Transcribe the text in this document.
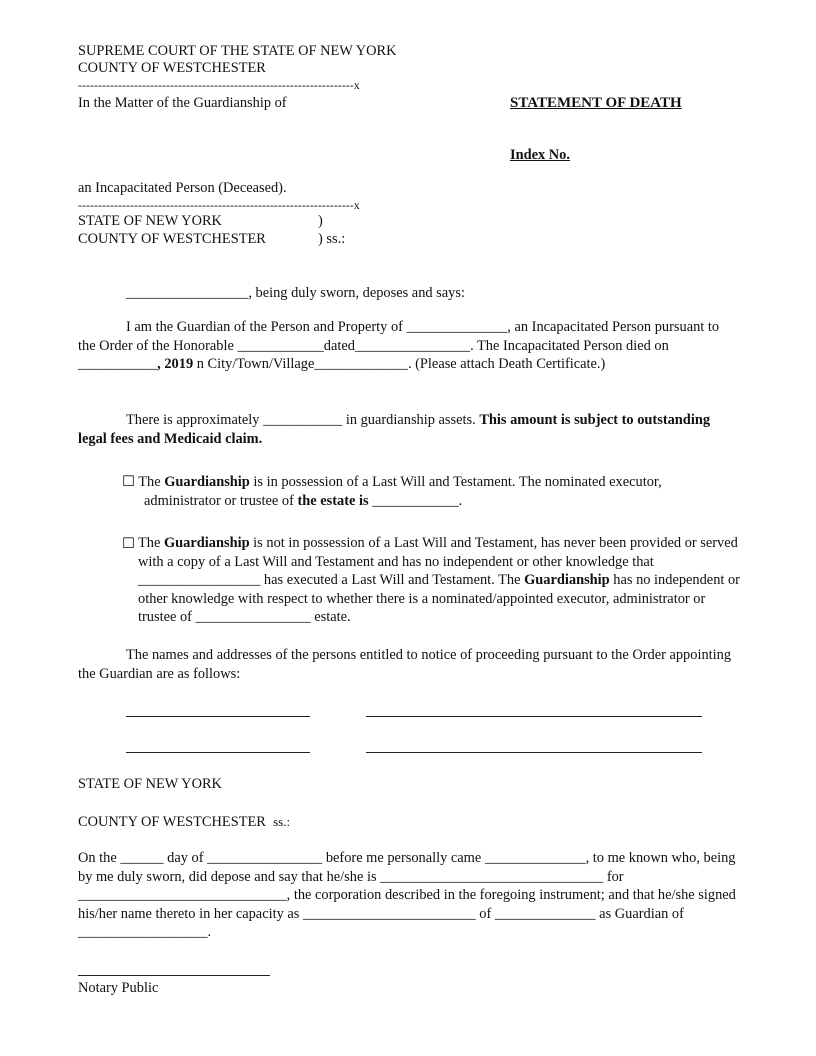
SUPREME COURT OF THE STATE OF NEW YORK
COUNTY OF WESTCHESTER
---------------------------------------------------------------------x
In the Matter of the Guardianship of	STATEMENT OF DEATH
Index No.
an Incapacitated Person (Deceased).
---------------------------------------------------------------------x
STATE OF NEW YORK	)
COUNTY OF WESTCHESTER	) ss.:
_________________, being duly sworn, deposes and says:
I am the Guardian of the Person and Property of ______________, an Incapacitated Person pursuant to the Order of the Honorable ____________dated________________. The Incapacitated Person died on ___________, 2019 n City/Town/Village_____________. (Please attach Death Certificate.)
There is approximately ___________ in guardianship assets. This amount is subject to outstanding legal fees and Medicaid claim.
☐ The Guardianship is in possession of a Last Will and Testament. The nominated executor,
administrator or trustee of the estate is ____________.
☐ The Guardianship is not in possession of a Last Will and Testament, has never been provided or served with a copy of a Last Will and Testament and has no independent or other knowledge that _________________ has executed a Last Will and Testament. The Guardianship has no independent or other knowledge with respect to whether there is a nominated/appointed executor, administrator or trustee of ________________ estate.
The names and addresses of the persons entitled to notice of proceeding pursuant to the Order appointing the Guardian are as follows:
STATE OF NEW YORK
COUNTY OF WESTCHESTER ss.:
On the ______ day of ________________ before me personally came ______________, to me known who, being by me duly sworn, did depose and say that he/she is _______________________________ for _____________________________, the corporation described in the foregoing instrument; and that he/she signed his/her name thereto in her capacity as ________________________ of ______________ as Guardian of __________________.
Notary Public
